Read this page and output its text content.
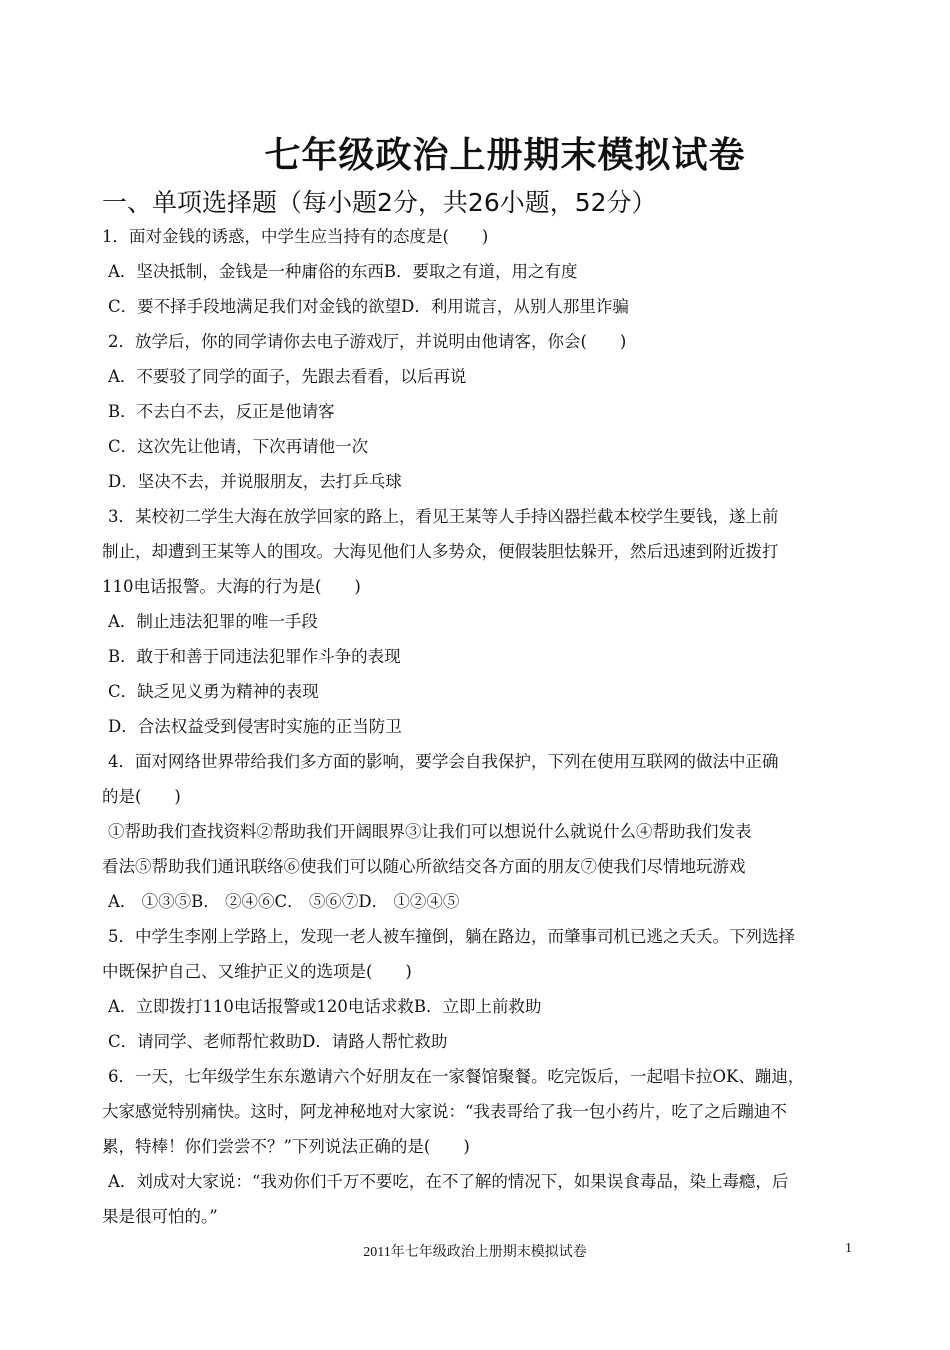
七年级政治上册期末模拟试卷
一、单项选择题（每小题2分，共26小题，52分）
1．面对金钱的诱惑，中学生应当持有的态度是(　　)
A．坚决抵制，金钱是一种庸俗的东西B．要取之有道，用之有度
C．要不择手段地满足我们对金钱的欲望D．利用谎言，从别人那里诈骗
2．放学后，你的同学请你去电子游戏厅，并说明由他请客，你会(　　)
A．不要驳了同学的面子，先跟去看看，以后再说
B．不去白不去，反正是他请客
C．这次先让他请，下次再请他一次
D．坚决不去，并说服朋友，去打乒乓球
3．某校初二学生大海在放学回家的路上，看见王某等人手持凶器拦截本校学生要钱，遂上前
制止，却遭到王某等人的围攻。大海见他们人多势众，便假装胆怯躲开，然后迅速到附近拨打
110电话报警。大海的行为是(　　)
A．制止违法犯罪的唯一手段
B．敢于和善于同违法犯罪作斗争的表现
C．缺乏见义勇为精神的表现
D．合法权益受到侵害时实施的正当防卫
4．面对网络世界带给我们多方面的影响，要学会自我保护，下列在使用互联网的做法中正确
的是(　　)
①帮助我们查找资料②帮助我们开阔眼界③让我们可以想说什么就说什么④帮助我们发表
看法⑤帮助我们通讯联络⑥使我们可以随心所欲结交各方面的朋友⑦使我们尽情地玩游戏
A． ①③⑤B． ②④⑥C． ⑤⑥⑦D． ①②④⑤
5．中学生李刚上学路上，发现一老人被车撞倒，躺在路边，而肇事司机已逃之夭夭。下列选择
中既保护自己、又维护正义的选项是(　　)
A．立即拨打110电话报警或120电话求救B．立即上前救助
C．请同学、老师帮忙救助D．请路人帮忙救助
6．一天，七年级学生东东邀请六个好朋友在一家餐馆聚餐。吃完饭后，一起唱卡拉OK、蹦迪，
大家感觉特别痛快。这时，阿龙神秘地对大家说：“我表哥给了我一包小药片，吃了之后蹦迪不
累，特棒！你们尝尝不？”下列说法正确的是(　　)
A．刘成对大家说：“我劝你们千万不要吃，在不了解的情况下，如果误食毒品，染上毒瘾，后
果是很可怕的。”
2011年七年级政治上册期末模拟试卷	1
